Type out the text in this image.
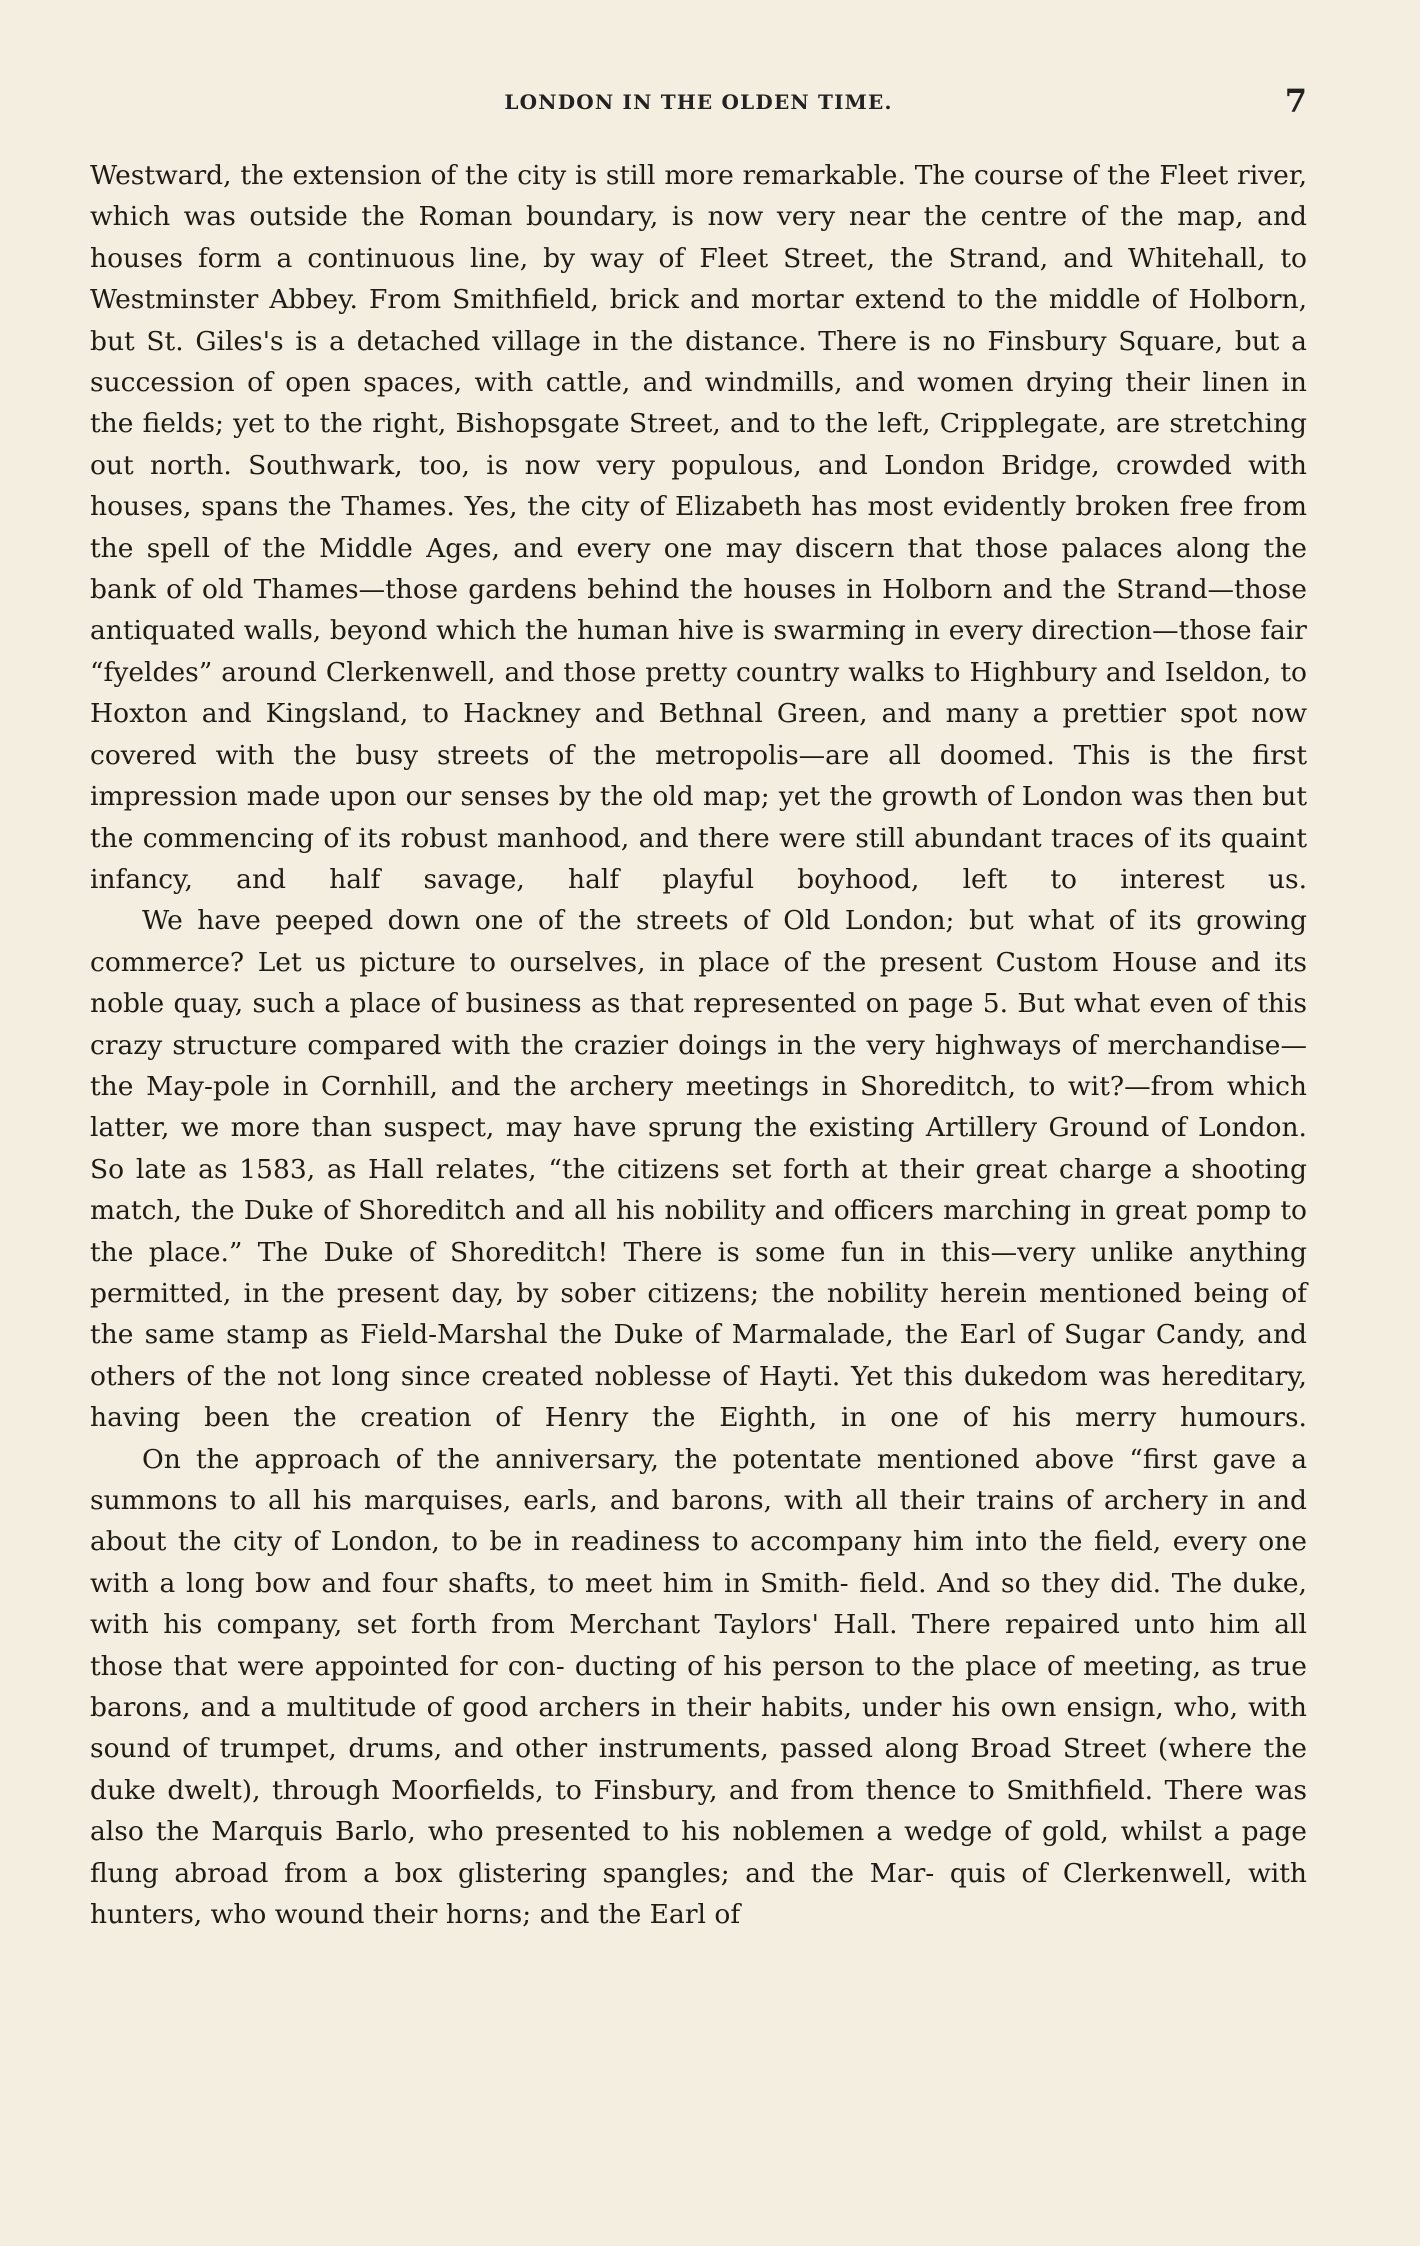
LONDON IN THE OLDEN TIME.	7

Westward, the extension of the city is still more remarkable. The course of the Fleet river, which was outside the Roman boundary, is now very near the centre of the map, and houses form a continuous line, by way of Fleet Street, the Strand, and Whitehall, to Westminster Abbey. From Smithfield, brick and mortar extend to the middle of Holborn, but St. Giles's is a detached village in the distance. There is no Finsbury Square, but a succession of open spaces, with cattle, and windmills, and women drying their linen in the fields; yet to the right, Bishopsgate Street, and to the left, Cripplegate, are stretching out north. Southwark, too, is now very populous, and London Bridge, crowded with houses, spans the Thames. Yes, the city of Elizabeth has most evidently broken free from the spell of the Middle Ages, and every one may discern that those palaces along the bank of old Thames—those gardens behind the houses in Holborn and the Strand—those antiquated walls, beyond which the human hive is swarming in every direction—those fair “fyeldes” around Clerkenwell, and those pretty country walks to Highbury and Iseldon, to Hoxton and Kingsland, to Hackney and Bethnal Green, and many a prettier spot now covered with the busy streets of the metropolis—are all doomed. This is the first impression made upon our senses by the old map; yet the growth of London was then but the commencing of its robust manhood, and there were still abundant traces of its quaint infancy, and half savage, half playful boyhood, left to interest us.

We have peeped down one of the streets of Old London; but what of its growing commerce? Let us picture to ourselves, in place of the present Custom House and its noble quay, such a place of business as that represented on page 5. But what even of this crazy structure compared with the crazier doings in the very highways of merchandise—the May-pole in Cornhill, and the archery meetings in Shoreditch, to wit?—from which latter, we more than suspect, may have sprung the existing Artillery Ground of London. So late as 1583, as Hall relates, “the citizens set forth at their great charge a shooting match, the Duke of Shoreditch and all his nobility and officers marching in great pomp to the place.” The Duke of Shoreditch! There is some fun in this—very unlike anything permitted, in the present day, by sober citizens; the nobility herein mentioned being of the same stamp as Field-Marshal the Duke of Marmalade, the Earl of Sugar Candy, and others of the not long since created noblesse of Hayti. Yet this dukedom was hereditary, having been the creation of Henry the Eighth, in one of his merry humours.

On the approach of the anniversary, the potentate mentioned above “first gave a summons to all his marquises, earls, and barons, with all their trains of archery in and about the city of London, to be in readiness to accompany him into the field, every one with a long bow and four shafts, to meet him in Smith- field. And so they did. The duke, with his company, set forth from Merchant Taylors' Hall. There repaired unto him all those that were appointed for con- ducting of his person to the place of meeting, as true barons, and a multitude of good archers in their habits, under his own ensign, who, with sound of trumpet, drums, and other instruments, passed along Broad Street (where the duke dwelt), through Moorfields, to Finsbury, and from thence to Smithfield. There was also the Marquis Barlo, who presented to his noblemen a wedge of gold, whilst a page flung abroad from a box glistering spangles; and the Mar- quis of Clerkenwell, with hunters, who wound their horns; and the Earl of
